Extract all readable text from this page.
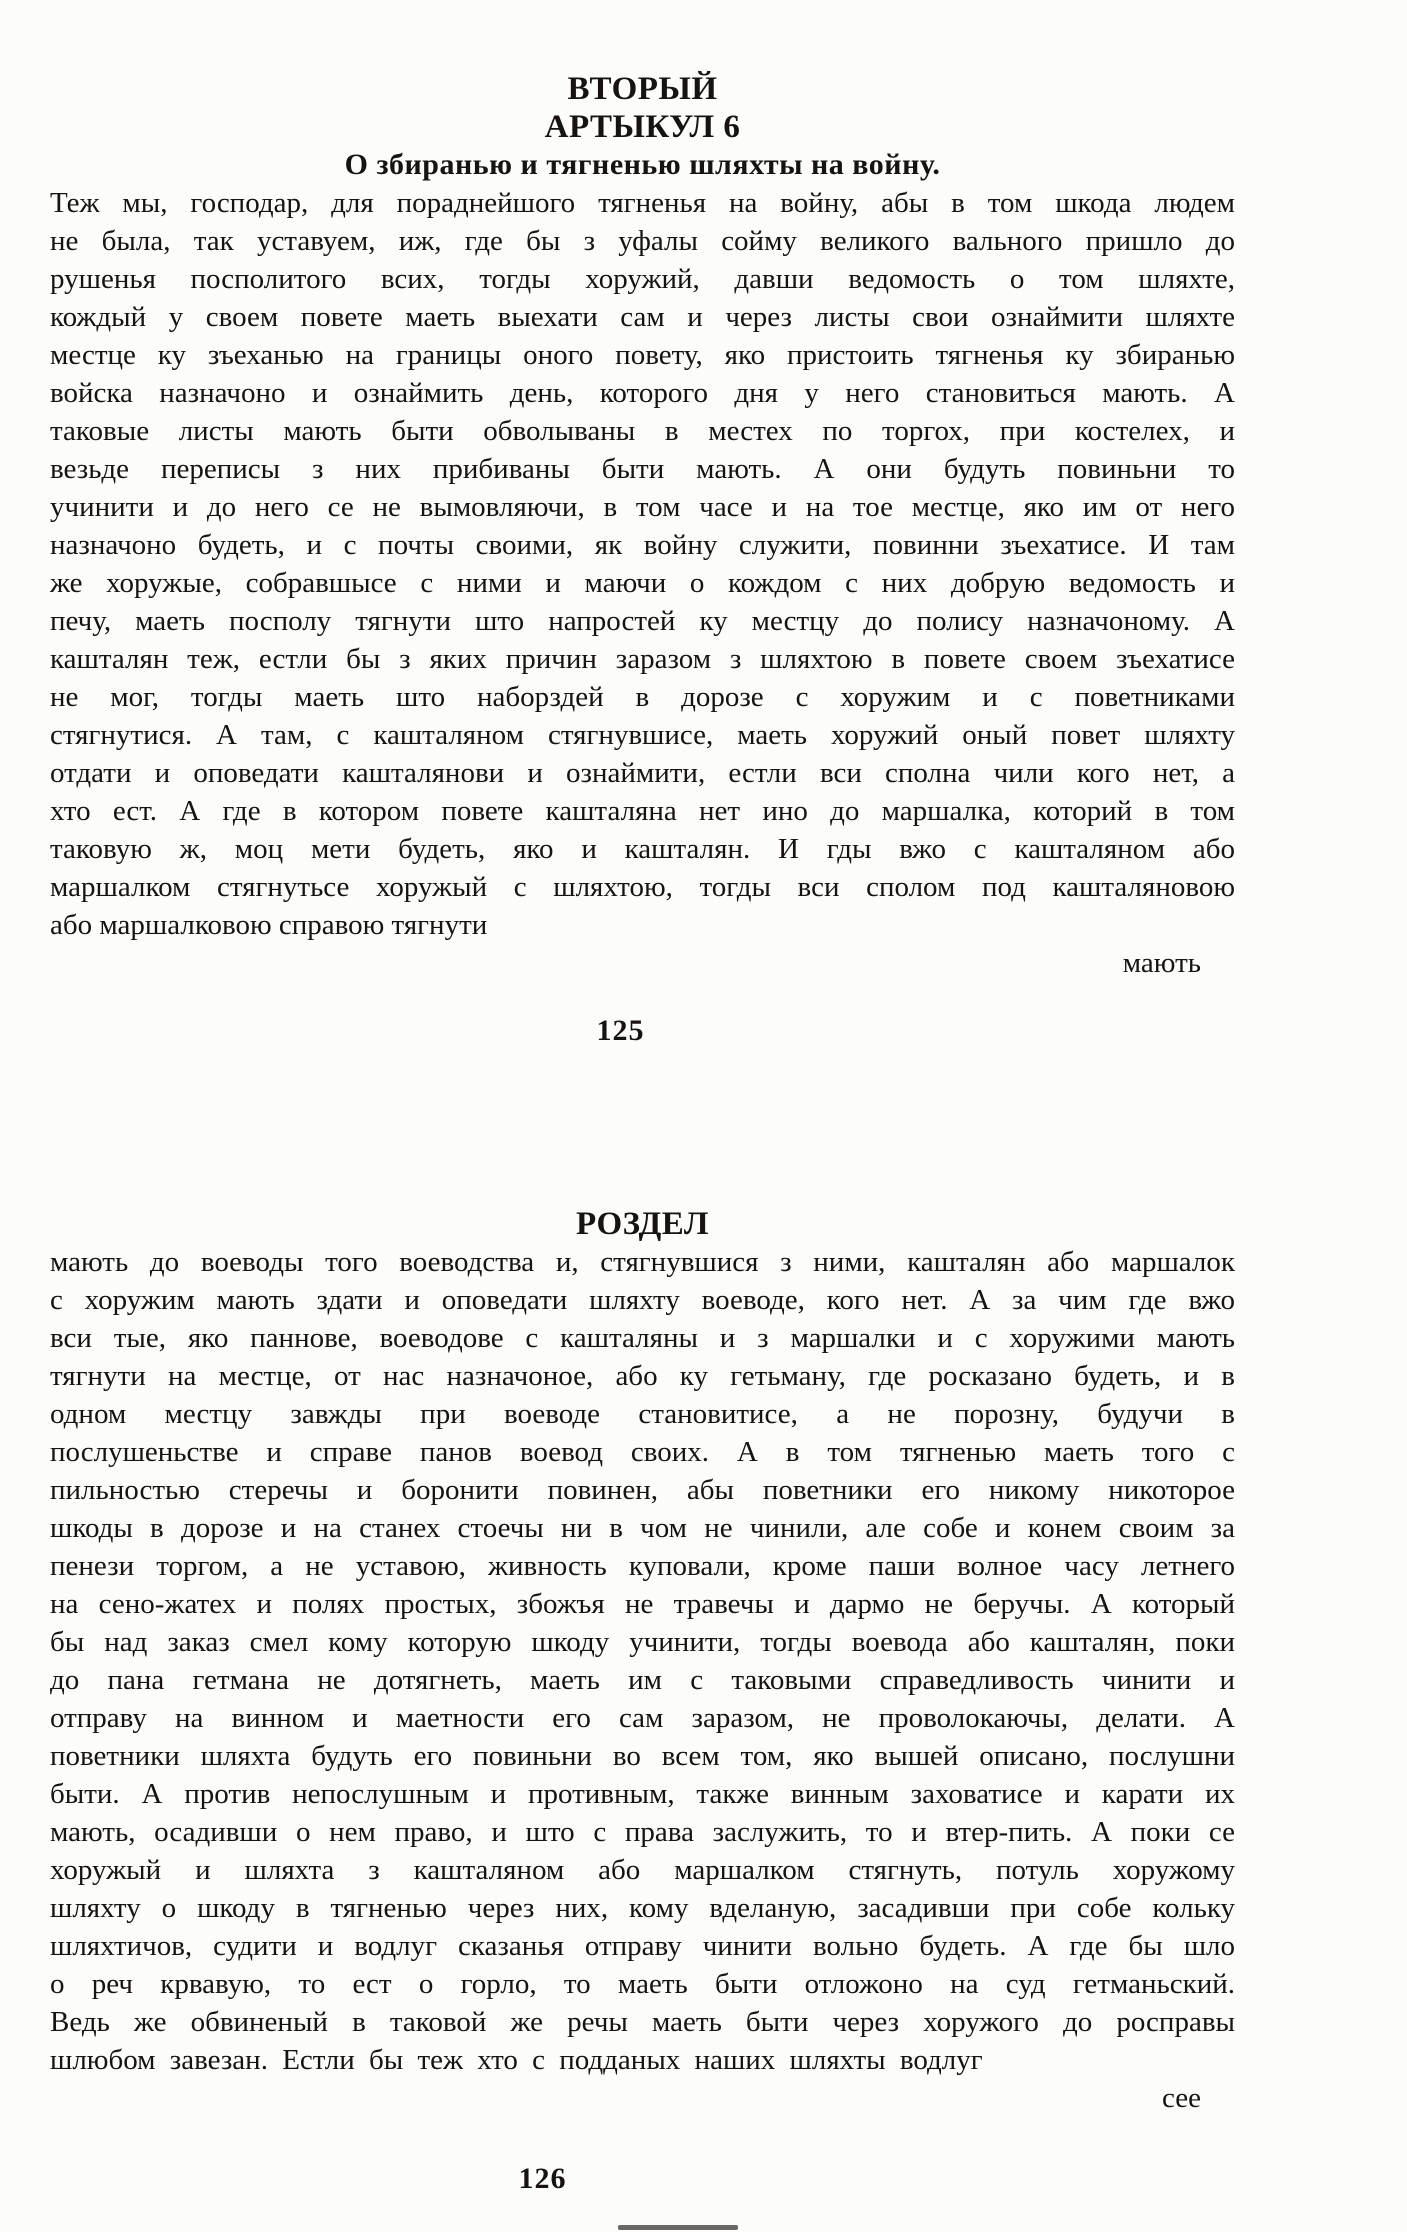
ВТОРЫЙ
АРТЫКУЛ 6
О збиранью и тягненью шляхты на войну.
Теж мы, господар, для пораднейшого тягненья на войну, абы в том шкода людем
не была, так уставуем, иж, где бы з уфалы сойму великого вального пришло до
рушенья посполитого всих, тогды хоружий, давши ведомость о том шляхте,
кождый у своем повете маеть выехати сам и через листы свои ознаймити шляхте
местце ку зъеханью на границы оного повету, яко пристоить тягненья ку збиранью
войска назначоно и ознаймить день, которого дня у него становиться мають. А
таковые листы мають быти обволываны в местех по торгох, при костелех, и
везьде переписы з них прибиваны быти мають. А они будуть повиньни то
учинити и до него се не вымовляючи, в том часе и на тое местце, яко им от него
назначоно будеть, и с почты своими, як войну служити, повинни зъехатисе. И там
же хоружые, собравшысе с ними и маючи о кождом с них добрую ведомость и
печу, маеть посполу тягнути што напростей ку местцу до полису назначоному. А
кашталян теж, естли бы з яких причин заразом з шляхтою в повете своем зъехатисе
не мог, тогды маеть што наборздей в дорозе с хоружим и с поветниками
стягнутися. А там, с кашталяном стягнувшисе, маеть хоружий оный повет шляхту
отдати и оповедати кашталянови и ознаймити, естли вси сполна чили кого нет, а
хто ест. А где в котором повете кашталяна нет ино до маршалка, которий в том
таковую ж, моц мети будеть, яко и кашталян. И гды вжо с кашталяном або
маршалком стягнутьсе хоружый с шляхтою, тогды вси сполом под кашталяновою
або маршалковою справою тягнути
мають
125
РОЗДЕЛ
мають до воеводы того воеводства и, стягнувшися з ними, кашталян або маршалок
с хоружим мають здати и оповедати шляхту воеводе, кого нет. А за чим где вжо
вси тые, яко паннове, воеводове с кашталяны и з маршалки и с хоружими мають
тягнути на местце, от нас назначоное, або ку гетьману, где росказано будеть, и в
одном местцу завжды при воеводе становитисе, а не порозну, будучи в
послушеньстве и справе панов воевод своих. А в том тягненью маеть того с
пильностью стеречы и боронити повинен, абы поветники его никому никоторое
шкоды в дорозе и на станех стоечы ни в чом не чинили, але собе и конем своим за
пенези торгом, а не уставою, живность куповали, кроме паши волное часу летнего
на сено-жатех и полях простых, збожъя не травечы и дармо не беручы. А который
бы над заказ смел кому которую шкоду учинити, тогды воевода або кашталян, поки
до пана гетмана не дотягнеть, маеть им с таковыми справедливость чинити и
отправу на винном и маетности его сам заразом, не проволокаючы, делати. А
поветники шляхта будуть его повиньни во всем том, яко вышей описано, послушни
быти. А против непослушным и противным, также винным заховатисе и карати их
мають, осадивши о нем право, и што с права заслужить, то и втер-пить. А поки се
хоружый и шляхта з кашталяном або маршалком стягнуть, потуль хоружому
шляхту о шкоду в тягненью через них, кому вделаную, засадивши при собе кольку
шляхтичов, судити и водлуг сказанья отправу чинити вольно будеть. А где бы шло
о реч крвавую, то ест о горло, то маеть быти отложоно на суд гетманьский.
Ведь же обвиненый в таковой же речы маеть быти через хоружого до росправы
шлюбом завезан. Естли бы теж хто с подданых наших шляхты водлуг
сее
126
